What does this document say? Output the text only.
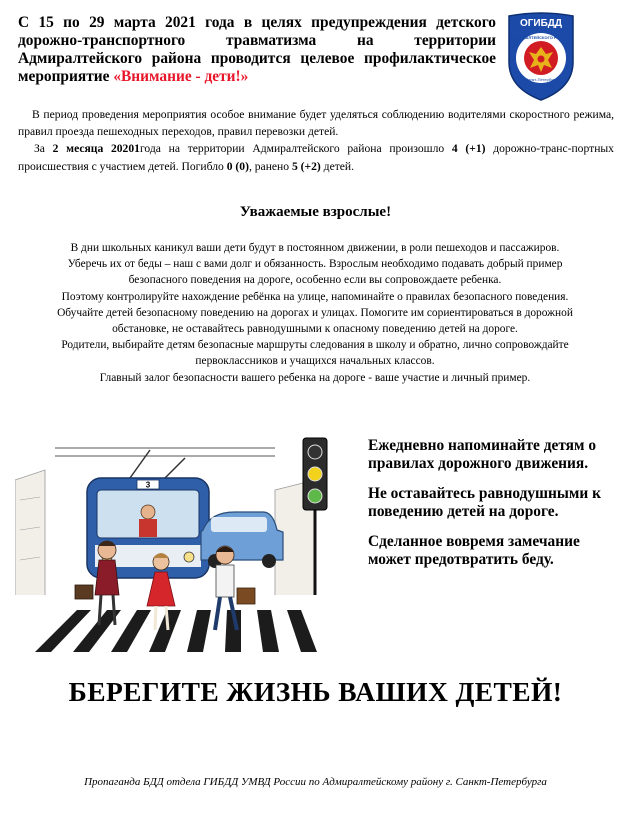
С 15 по 29 марта 2021 года в целях предупреждения детского дорожно-транспортного травматизма на территории Адмиралтейского района проводится целевое профилактическое мероприятие «Внимание - дети!»
ОГИБДД
АДМИРАЛТЕЙСКОГО РАЙОНА
Санкт-Петербург

В период проведения мероприятия особое внимание будет уделяться соблюдению водителями скоростного режима, правил проезда пешеходных переходов, правил перевозки детей.

За 2 месяца 20201года на территории Адмиралтейского района произошло 4 (+1) дорожно-транс-портных происшествия с участием детей. Погибло 0 (0), ранено 5 (+2) детей.

Уважаемые взрослые!
В дни школьных каникул ваши дети будут в постоянном движении, в роли пешеходов и пассажиров.
Уберечь их от беды – наш с вами долг и обязанность. Взрослым необходимо подавать добрый пример
безопасного поведения на дороге, особенно если вы сопровождаете ребенка.
Поэтому контролируйте нахождение ребёнка на улице, напоминайте о правилах безопасного поведения.
Обучайте детей безопасному поведению на дорогах и улицах. Помогите им сориентироваться в дорожной
обстановке, не оставайтесь равнодушными к опасному поведению детей на дороге.
Родители, выбирайте детям безопасные маршруты следования в школу и обратно, лично сопровождайте
первоклассников и учащихся начальных классов.
Главный залог безопасности вашего ребенка на дороге - ваше участие и личный пример.
3

Ежедневно напоминайте детям о правилах дорожного движения.

Не оставайтесь равнодушными к поведению детей на дороге.

Сделанное вовремя замечание может предотвратить беду.

БЕРЕГИТЕ ЖИЗНЬ ВАШИХ ДЕТЕЙ!
Пропаганда БДД отдела ГИБДД УМВД России по Адмиралтейскому району г. Санкт-Петербурга
